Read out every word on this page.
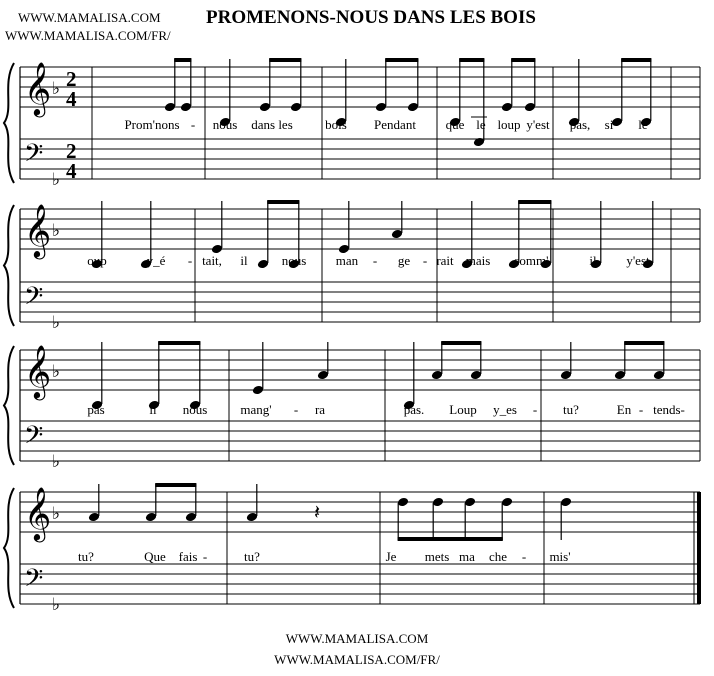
WWW.MAMALISA.COM
WWW.MAMALISA.COM/FR/
PROMENONS-NOUS DANS LES BOIS
𝄞
𝄢
♭
♭
2
4
2
4
Prom'nons - nous dans les bois Pendant que le loup y'est pas, si le
𝄞
𝄢
♭
♭
oup	y_é - tait, il	nous man - ge - rait mais comm'	il y'est
𝄞
𝄢
♭
♭
pas	il nous	mang' - ra	pas. Loup y_es - tu?	En - tends-
𝄞
𝄢
♭
♭
𝄽
tu?	Que fais -	tu?	Je mets ma che - mis'
WWW.MAMALISA.COM
WWW.MAMALISA.COM/FR/
